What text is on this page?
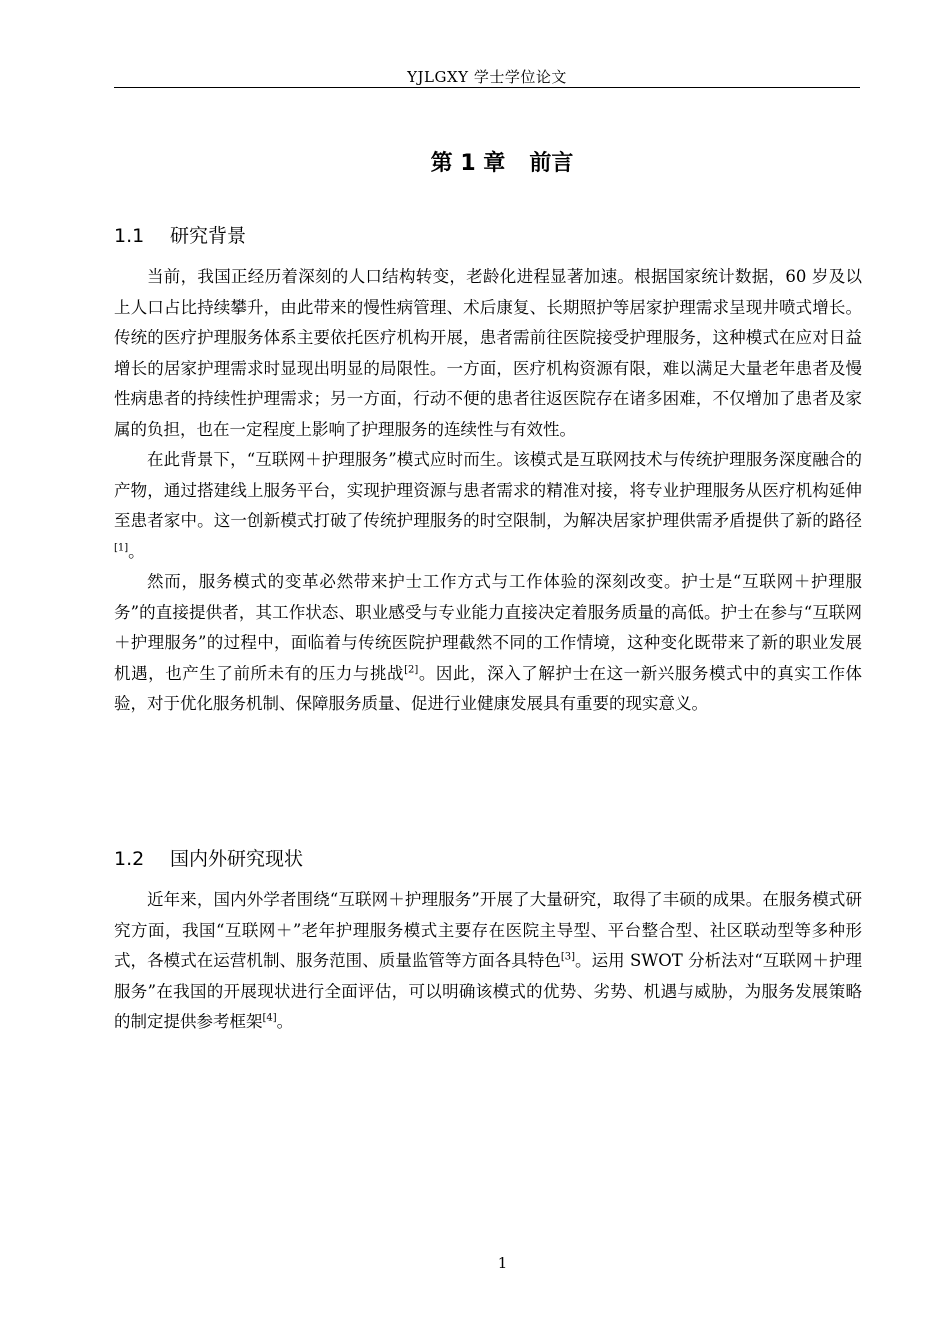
YJLGXY 学士学位论文
第 1 章 前言
1.1 研究背景

当前，我国正经历着深刻的人口结构转变，老龄化进程显著加速。根据国家统计数据，60 岁及以上人口占比持续攀升，由此带来的慢性病管理、术后康复、长期照护等居家护理需求呈现井喷式增长。传统的医疗护理服务体系主要依托医疗机构开展，患者需前往医院接受护理服务，这种模式在应对日益增长的居家护理需求时显现出明显的局限性。一方面，医疗机构资源有限，难以满足大量老年患者及慢性病患者的持续性护理需求；另一方面，行动不便的患者往返医院存在诸多困难，不仅增加了患者及家属的负担，也在一定程度上影响了护理服务的连续性与有效性。

在此背景下，“互联网＋护理服务”模式应时而生。该模式是互联网技术与传统护理服务深度融合的产物，通过搭建线上服务平台，实现护理资源与患者需求的精准对接，将专业护理服务从医疗机构延伸至患者家中。这一创新模式打破了传统护理服务的时空限制，为解决居家护理供需矛盾提供了新的路径[1]。

然而，服务模式的变革必然带来护士工作方式与工作体验的深刻改变。护士是“互联网＋护理服务”的直接提供者，其工作状态、职业感受与专业能力直接决定着服务质量的高低。护士在参与“互联网＋护理服务”的过程中，面临着与传统医院护理截然不同的工作情境，这种变化既带来了新的职业发展机遇，也产生了前所未有的压力与挑战[2]。因此，深入了解护士在这一新兴服务模式中的真实工作体验，对于优化服务机制、保障服务质量、促进行业健康发展具有重要的现实意义。

1.2 国内外研究现状

近年来，国内外学者围绕“互联网＋护理服务”开展了大量研究，取得了丰硕的成果。在服务模式研究方面，我国“互联网＋”老年护理服务模式主要存在医院主导型、平台整合型、社区联动型等多种形式，各模式在运营机制、服务范围、质量监管等方面各具特色[3]。运用 SWOT 分析法对“互联网＋护理服务”在我国的开展现状进行全面评估，可以明确该模式的优势、劣势、机遇与威胁，为服务发展策略的制定提供参考框架[4]。

1
